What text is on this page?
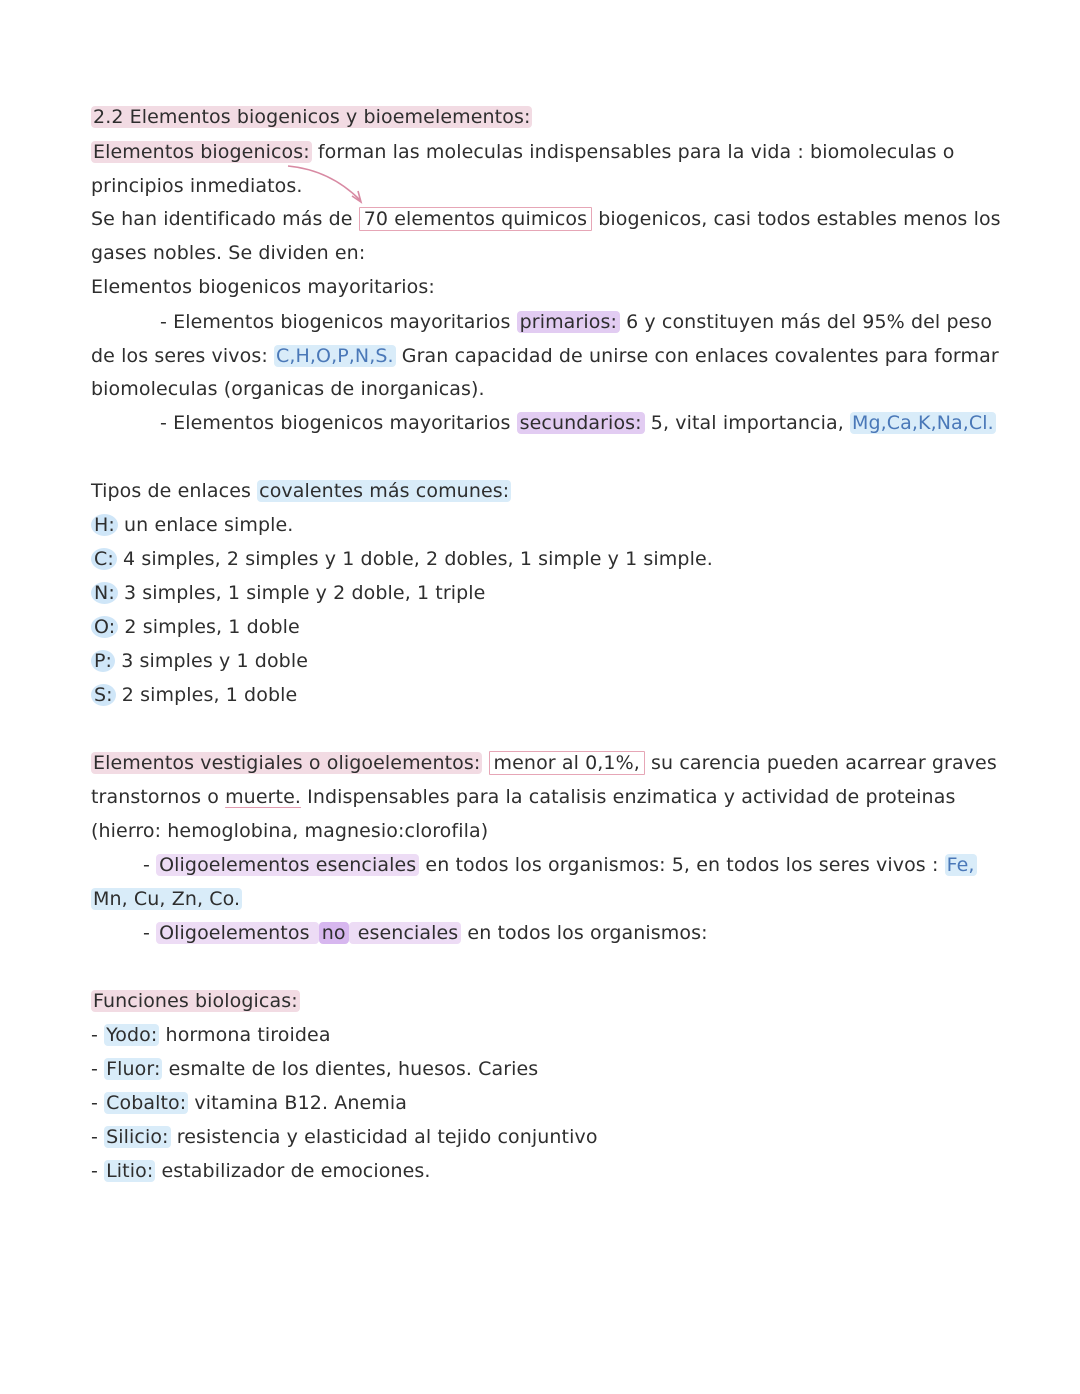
2.2 Elementos biogenicos y bioemelementos:
Elementos biogenicos: forman las moleculas indispensables para la vida : biomoleculas o
principios inmediatos.
Se han identificado más de 70 elementos quimicos biogenicos, casi todos estables menos los
gases nobles. Se dividen en:
Elementos biogenicos mayoritarios:
- Elementos biogenicos mayoritarios primarios: 6 y constituyen más del 95% del peso
de los seres vivos: C,H,O,P,N,S. Gran capacidad de unirse con enlaces covalentes para formar
biomoleculas (organicas de inorganicas).
- Elementos biogenicos mayoritarios secundarios: 5, vital importancia, Mg,Ca,K,Na,Cl.
Tipos de enlaces covalentes más comunes:
H: un enlace simple.
C: 4 simples, 2 simples y 1 doble, 2 dobles, 1 simple y 1 simple.
N: 3 simples, 1 simple y 2 doble, 1 triple
O: 2 simples, 1 doble
P: 3 simples y 1 doble
S: 2 simples, 1 doble
Elementos vestigiales o oligoelementos: menor al 0,1%, su carencia pueden acarrear graves
transtornos o muerte. Indispensables para la catalisis enzimatica y actividad de proteinas
(hierro: hemoglobina, magnesio:clorofila)
- Oligoelementos esenciales en todos los organismos: 5, en todos los seres vivos : Fe,
Mn, Cu, Zn, Co.
- Oligoelementos no esenciales en todos los organismos:
Funciones biologicas:
- Yodo: hormona tiroidea
- Fluor: esmalte de los dientes, huesos. Caries
- Cobalto: vitamina B12. Anemia
- Silicio: resistencia y elasticidad al tejido conjuntivo
- Litio: estabilizador de emociones.
